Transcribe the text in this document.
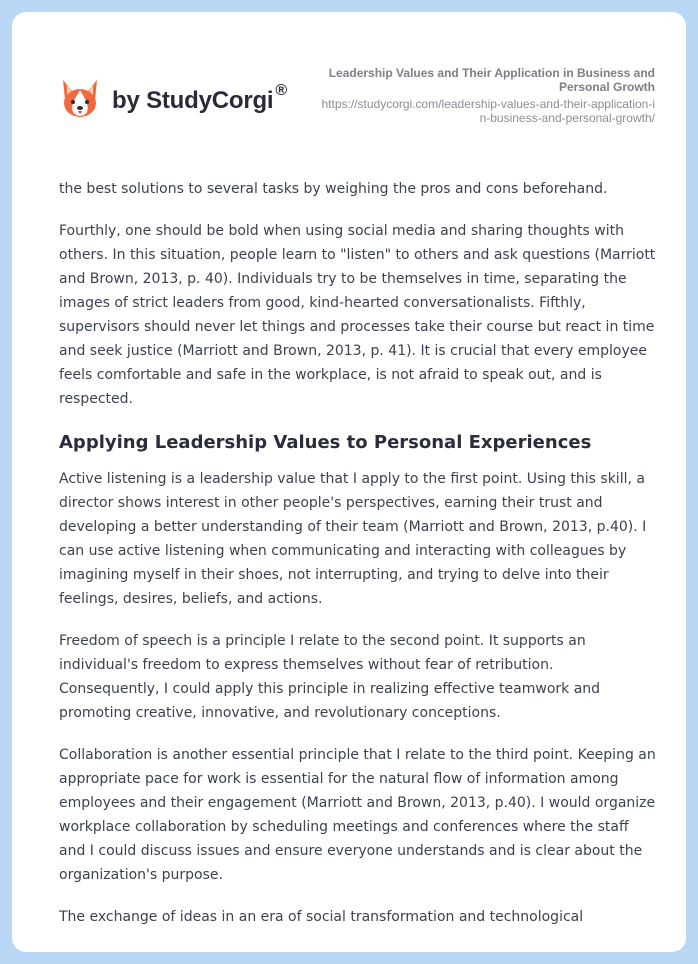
by StudyCorgi ®
Leadership Values and Their Application in Business and Personal Growth
https://studycorgi.com/leadership-values-and-their-application-in-business-and-personal-growth/

the best solutions to several tasks by weighing the pros and cons beforehand.

Fourthly, one should be bold when using social media and sharing thoughts with others. In this situation, people learn to "listen" to others and ask questions (Marriott and Brown, 2013, p. 40). Individuals try to be themselves in time, separating the images of strict leaders from good, kind-hearted conversationalists. Fifthly, supervisors should never let things and processes take their course but react in time and seek justice (Marriott and Brown, 2013, p. 41). It is crucial that every employee feels comfortable and safe in the workplace, is not afraid to speak out, and is respected.

Applying Leadership Values to Personal Experiences

Active listening is a leadership value that I apply to the first point. Using this skill, a director shows interest in other people's perspectives, earning their trust and developing a better understanding of their team (Marriott and Brown, 2013, p.40). I can use active listening when communicating and interacting with colleagues by imagining myself in their shoes, not interrupting, and trying to delve into their feelings, desires, beliefs, and actions.

Freedom of speech is a principle I relate to the second point. It supports an individual's freedom to express themselves without fear of retribution. Consequently, I could apply this principle in realizing effective teamwork and promoting creative, innovative, and revolutionary conceptions.

Collaboration is another essential principle that I relate to the third point. Keeping an appropriate pace for work is essential for the natural flow of information among employees and their engagement (Marriott and Brown, 2013, p.40). I would organize workplace collaboration by scheduling meetings and conferences where the staff and I could discuss issues and ensure everyone understands and is clear about the organization's purpose.

The exchange of ideas in an era of social transformation and technological
